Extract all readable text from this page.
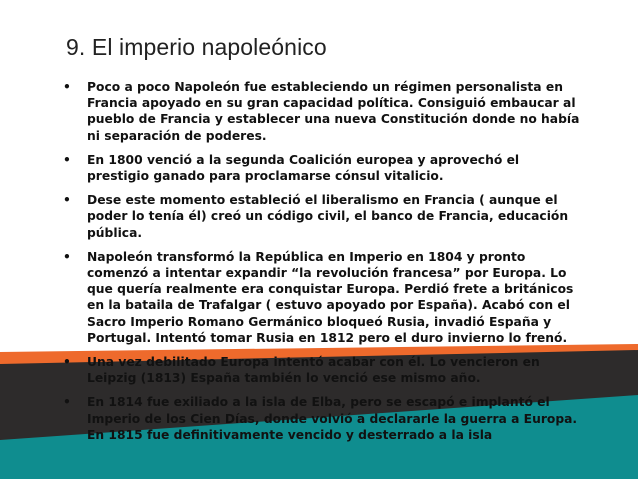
9. El imperio napoleónico
• Poco a poco Napoleón fue estableciendo un régimen personalista en Francia apoyado en su gran capacidad política. Consiguió embaucar al pueblo de Francia y establecer una nueva Constitución donde no había ni separación de poderes.
• En 1800 venció a la segunda Coalición europea y aprovechó el prestigio ganado para proclamarse cónsul vitalicio.
• Dese este momento estableció el liberalismo en Francia ( aunque el poder lo tenía él) creó un código civil, el banco de Francia, educación pública.
• Napoleón transformó la República en Imperio en 1804 y pronto comenzó a intentar expandir “la revolución francesa” por Europa. Lo que quería realmente era conquistar Europa. Perdió frete a británicos en la bataila de Trafalgar ( estuvo apoyado por España). Acabó con el Sacro Imperio Romano Germánico bloqueó Rusia, invadió España y Portugal. Intentó tomar Rusia en 1812 pero el duro invierno lo frenó.
• Una vez debilitado Europa intentó acabar con él. Lo vencieron en Leipzig (1813) España también lo venció ese mismo año.
• En 1814 fue exiliado a la isla de Elba, pero se escapó e implantó el Imperio de los Cien Días, donde volvió a declararle la guerra a Europa. En 1815 fue definitivamente vencido y desterrado a la isla
